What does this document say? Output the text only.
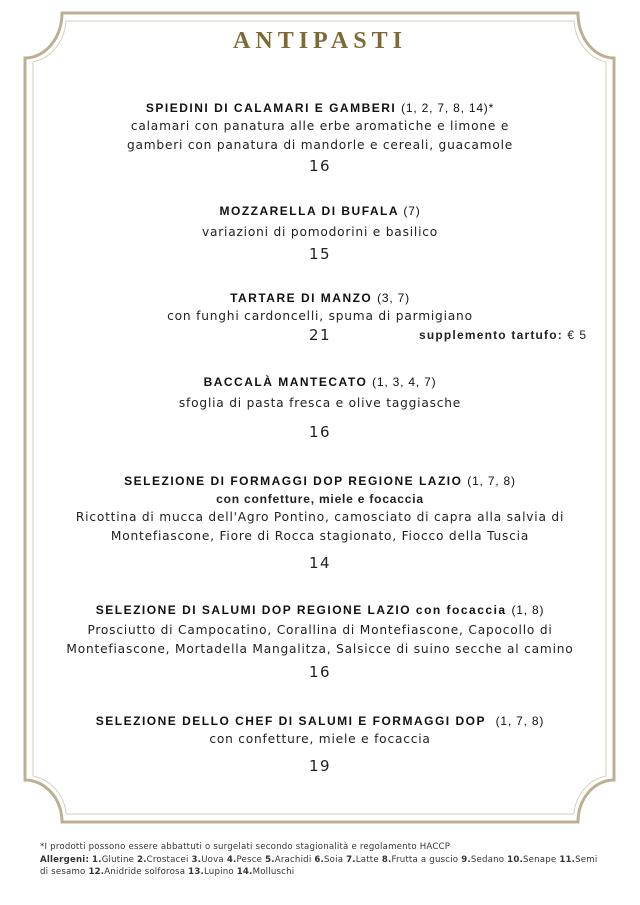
ANTIPASTI
SPIEDINI DI CALAMARI E GAMBERI (1, 2, 7, 8, 14)*
calamari con panatura alle erbe aromatiche e limone e
gamberi con panatura di mandorle e cereali, guacamole
16
MOZZARELLA DI BUFALA (7)
variazioni di pomodorini e basilico
15
TARTARE DI MANZO (3, 7)
con funghi cardoncelli, spuma di parmigiano
21	supplemento tartufo: € 5
BACCALÀ MANTECATO (1, 3, 4, 7)
sfoglia di pasta fresca e olive taggiasche
16
SELEZIONE DI FORMAGGI DOP REGIONE LAZIO (1, 7, 8)
con confetture, miele e focaccia
Ricottina di mucca dell'Agro Pontino, camosciato di capra alla salvia di
Montefiascone, Fiore di Rocca stagionato, Fiocco della Tuscia
14
SELEZIONE DI SALUMI DOP REGIONE LAZIO con focaccia (1, 8)
Prosciutto di Campocatino, Corallina di Montefiascone, Capocollo di
Montefiascone, Mortadella Mangalitza, Salsicce di suino secche al camino
16
SELEZIONE DELLO CHEF DI SALUMI E FORMAGGI DOP (1, 7, 8)
con confetture, miele e focaccia
19
*I prodotti possono essere abbattuti o surgelati secondo stagionalità e regolamento HACCP
Allergeni: 1.Glutine 2.Crostacei 3.Uova 4.Pesce 5.Arachidi 6.Soia 7.Latte 8.Frutta a guscio 9.Sedano 10.Senape 11.Semi di sesamo 12.Anidride solforosa 13.Lupino 14.Molluschi
